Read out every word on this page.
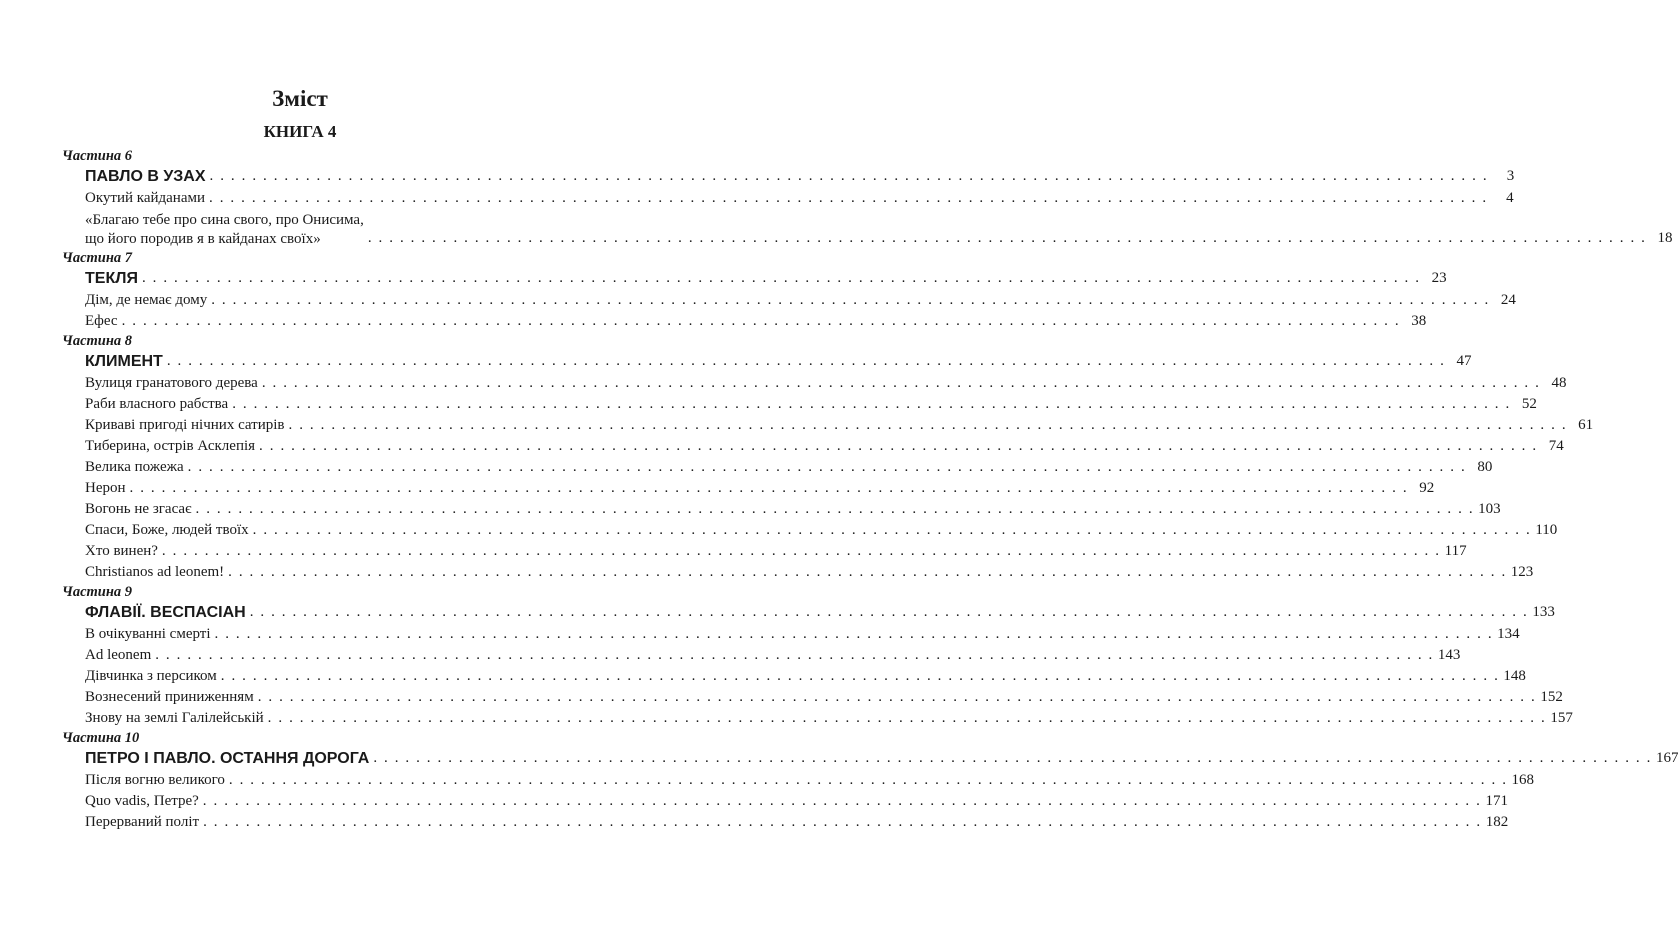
Зміст
КНИГА 4
Частина 6
ПАВЛО В УЗАХ . . . . . . . . . . . . . . . . . . . . . . . . . . . . . . . . . . . . . . . . . . . . . . . . . . . . . . . . . . . . . . . . . . . . . . . . . . . . . . . . . . . . . . . . . . . . . . . . . . . . . . . . . . . . . . . . . . . . . . . .	3
Окутий кайданами . . . . . . . . . . . . . . . . . . . . . . . . . . . . . . . . . . . . . . . . . . . . . . . . . . . . . . . . . . . . . . . . . . . . . . . . . . . . . . . . . . . . . . . . . . . . . . . . . . . . . . . . . . . . . . . . . . . . . . . .	4
«Благаю тебе про сина свого, про Онисима,
що його породив я в кайданах своїх»	. . . . . . . . . . . . . . . . . . . . . . . . . . . . . . . . . . . . . . . . . . . . . . . . . . . . . . . . . . . . . . . . . . . . . . . . . . . . . . . . . . . . . . . . . . . . . . . . . . . . . . . . . . . . . . . . . . . . . . . . 18
Частина 7
ТЕКЛЯ . . . . . . . . . . . . . . . . . . . . . . . . . . . . . . . . . . . . . . . . . . . . . . . . . . . . . . . . . . . . . . . . . . . . . . . . . . . . . . . . . . . . . . . . . . . . . . . . . . . . . . . . . . . . . . . . . . . . . . . . 23
Дім, де немає дому . . . . . . . . . . . . . . . . . . . . . . . . . . . . . . . . . . . . . . . . . . . . . . . . . . . . . . . . . . . . . . . . . . . . . . . . . . . . . . . . . . . . . . . . . . . . . . . . . . . . . . . . . . . . . . . . . . . . . . . . 24
Ефес . . . . . . . . . . . . . . . . . . . . . . . . . . . . . . . . . . . . . . . . . . . . . . . . . . . . . . . . . . . . . . . . . . . . . . . . . . . . . . . . . . . . . . . . . . . . . . . . . . . . . . . . . . . . . . . . . . . . . . . . 38
Частина 8
КЛИМЕНТ . . . . . . . . . . . . . . . . . . . . . . . . . . . . . . . . . . . . . . . . . . . . . . . . . . . . . . . . . . . . . . . . . . . . . . . . . . . . . . . . . . . . . . . . . . . . . . . . . . . . . . . . . . . . . . . . . . . . . . . . 47
Вулиця гранатового дерева . . . . . . . . . . . . . . . . . . . . . . . . . . . . . . . . . . . . . . . . . . . . . . . . . . . . . . . . . . . . . . . . . . . . . . . . . . . . . . . . . . . . . . . . . . . . . . . . . . . . . . . . . . . . . . . . . . . . . . . . 48
Раби власного рабства . . . . . . . . . . . . . . . . . . . . . . . . . . . . . . . . . . . . . . . . . . . . . . . . . . . . . . . . . . . . . . . . . . . . . . . . . . . . . . . . . . . . . . . . . . . . . . . . . . . . . . . . . . . . . . . . . . . . . . . . 52
Криваві пригоді нічних сатирів . . . . . . . . . . . . . . . . . . . . . . . . . . . . . . . . . . . . . . . . . . . . . . . . . . . . . . . . . . . . . . . . . . . . . . . . . . . . . . . . . . . . . . . . . . . . . . . . . . . . . . . . . . . . . . . . . . . . . . . . 61
Тиберина, острів Асклепія . . . . . . . . . . . . . . . . . . . . . . . . . . . . . . . . . . . . . . . . . . . . . . . . . . . . . . . . . . . . . . . . . . . . . . . . . . . . . . . . . . . . . . . . . . . . . . . . . . . . . . . . . . . . . . . . . . . . . . . . 74
Велика пожежа . . . . . . . . . . . . . . . . . . . . . . . . . . . . . . . . . . . . . . . . . . . . . . . . . . . . . . . . . . . . . . . . . . . . . . . . . . . . . . . . . . . . . . . . . . . . . . . . . . . . . . . . . . . . . . . . . . . . . . . . 80
Нерон . . . . . . . . . . . . . . . . . . . . . . . . . . . . . . . . . . . . . . . . . . . . . . . . . . . . . . . . . . . . . . . . . . . . . . . . . . . . . . . . . . . . . . . . . . . . . . . . . . . . . . . . . . . . . . . . . . . . . . . . 92
Вогонь не згасає . . . . . . . . . . . . . . . . . . . . . . . . . . . . . . . . . . . . . . . . . . . . . . . . . . . . . . . . . . . . . . . . . . . . . . . . . . . . . . . . . . . . . . . . . . . . . . . . . . . . . . . . . . . . . . . . . . . . . . . . 103
Спаси, Боже, людей твоїх . . . . . . . . . . . . . . . . . . . . . . . . . . . . . . . . . . . . . . . . . . . . . . . . . . . . . . . . . . . . . . . . . . . . . . . . . . . . . . . . . . . . . . . . . . . . . . . . . . . . . . . . . . . . . . . . . . . . . . . . 110
Хто винен? . . . . . . . . . . . . . . . . . . . . . . . . . . . . . . . . . . . . . . . . . . . . . . . . . . . . . . . . . . . . . . . . . . . . . . . . . . . . . . . . . . . . . . . . . . . . . . . . . . . . . . . . . . . . . . . . . . . . . . . . 117
Christianos ad leonem! . . . . . . . . . . . . . . . . . . . . . . . . . . . . . . . . . . . . . . . . . . . . . . . . . . . . . . . . . . . . . . . . . . . . . . . . . . . . . . . . . . . . . . . . . . . . . . . . . . . . . . . . . . . . . . . . . . . . . . . . 123
Частина 9
ФЛАВІЇ. ВЕСПАСІАН . . . . . . . . . . . . . . . . . . . . . . . . . . . . . . . . . . . . . . . . . . . . . . . . . . . . . . . . . . . . . . . . . . . . . . . . . . . . . . . . . . . . . . . . . . . . . . . . . . . . . . . . . . . . . . . . . . . . . . . . 133
В очікуванні смерті . . . . . . . . . . . . . . . . . . . . . . . . . . . . . . . . . . . . . . . . . . . . . . . . . . . . . . . . . . . . . . . . . . . . . . . . . . . . . . . . . . . . . . . . . . . . . . . . . . . . . . . . . . . . . . . . . . . . . . . . 134
Ad leonem . . . . . . . . . . . . . . . . . . . . . . . . . . . . . . . . . . . . . . . . . . . . . . . . . . . . . . . . . . . . . . . . . . . . . . . . . . . . . . . . . . . . . . . . . . . . . . . . . . . . . . . . . . . . . . . . . . . . . . . . 143
Дівчинка з персиком . . . . . . . . . . . . . . . . . . . . . . . . . . . . . . . . . . . . . . . . . . . . . . . . . . . . . . . . . . . . . . . . . . . . . . . . . . . . . . . . . . . . . . . . . . . . . . . . . . . . . . . . . . . . . . . . . . . . . . . . 148
Вознесений приниженням . . . . . . . . . . . . . . . . . . . . . . . . . . . . . . . . . . . . . . . . . . . . . . . . . . . . . . . . . . . . . . . . . . . . . . . . . . . . . . . . . . . . . . . . . . . . . . . . . . . . . . . . . . . . . . . . . . . . . . . . 152
Знову на землі Галілейській . . . . . . . . . . . . . . . . . . . . . . . . . . . . . . . . . . . . . . . . . . . . . . . . . . . . . . . . . . . . . . . . . . . . . . . . . . . . . . . . . . . . . . . . . . . . . . . . . . . . . . . . . . . . . . . . . . . . . . . . 157
Частина 10
ПЕТРО І ПАВЛО. ОСТАННЯ ДОРОГА . . . . . . . . . . . . . . . . . . . . . . . . . . . . . . . . . . . . . . . . . . . . . . . . . . . . . . . . . . . . . . . . . . . . . . . . . . . . . . . . . . . . . . . . . . . . . . . . . . . . . . . . . . . . . . . . . . . . . . . . 167
Після вогню великого . . . . . . . . . . . . . . . . . . . . . . . . . . . . . . . . . . . . . . . . . . . . . . . . . . . . . . . . . . . . . . . . . . . . . . . . . . . . . . . . . . . . . . . . . . . . . . . . . . . . . . . . . . . . . . . . . . . . . . . . 168
Quo vadis, Петре? . . . . . . . . . . . . . . . . . . . . . . . . . . . . . . . . . . . . . . . . . . . . . . . . . . . . . . . . . . . . . . . . . . . . . . . . . . . . . . . . . . . . . . . . . . . . . . . . . . . . . . . . . . . . . . . . . . . . . . . . 171
Перерваний політ . . . . . . . . . . . . . . . . . . . . . . . . . . . . . . . . . . . . . . . . . . . . . . . . . . . . . . . . . . . . . . . . . . . . . . . . . . . . . . . . . . . . . . . . . . . . . . . . . . . . . . . . . . . . . . . . . . . . . . . . 182
